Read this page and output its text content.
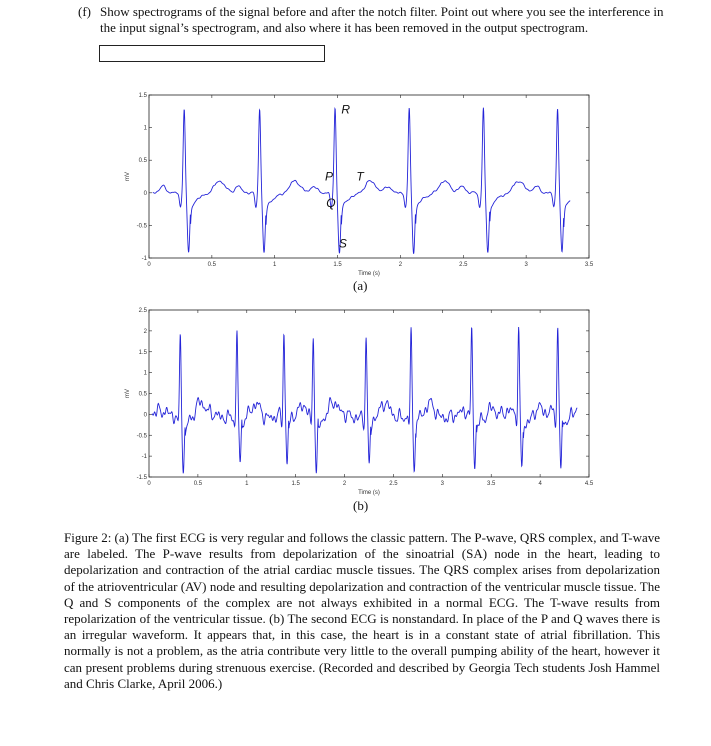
(f) Show spectrograms of the signal before and after the notch filter. Point out where you see the interference in the input signal’s spectrogram, and also where it has been removed in the output spectrogram.
0	0.5	1	1.5	2	2.5	3	3.5
-1
-0.5
0
0.5
1
1.5
Time (s)
mV
R
P T
Q
S
(a)
0	0.5	1	1.5	2	2.5	3	3.5	4	4.5
-1.5
-1
-0.5
0
0.5
1
1.5
2
2.5
Time (s)
mV
(b)
Figure 2: (a) The first ECG is very regular and follows the classic pattern. The P-wave, QRS complex, and T-wave are labeled. The P-wave results from depolarization of the sinoatrial (SA) node in the heart, leading to depolarization and contraction of the atrial cardiac muscle tissues. The QRS complex arises from depolarization of the atrioventricular (AV) node and resulting depolarization and contraction of the ventricular muscle tissue. The Q and S components of the complex are not always exhibited in a normal ECG. The T-wave results from repolarization of the ventricular tissue. (b) The second ECG is nonstandard. In place of the P and Q waves there is an irregular waveform. It appears that, in this case, the heart is in a constant state of atrial fibrillation. This normally is not a problem, as the atria contribute very little to the overall pumping ability of the heart, however it can present problems during strenuous exercise. (Recorded and described by Georgia Tech students Josh Hammel and Chris Clarke, April 2006.)
